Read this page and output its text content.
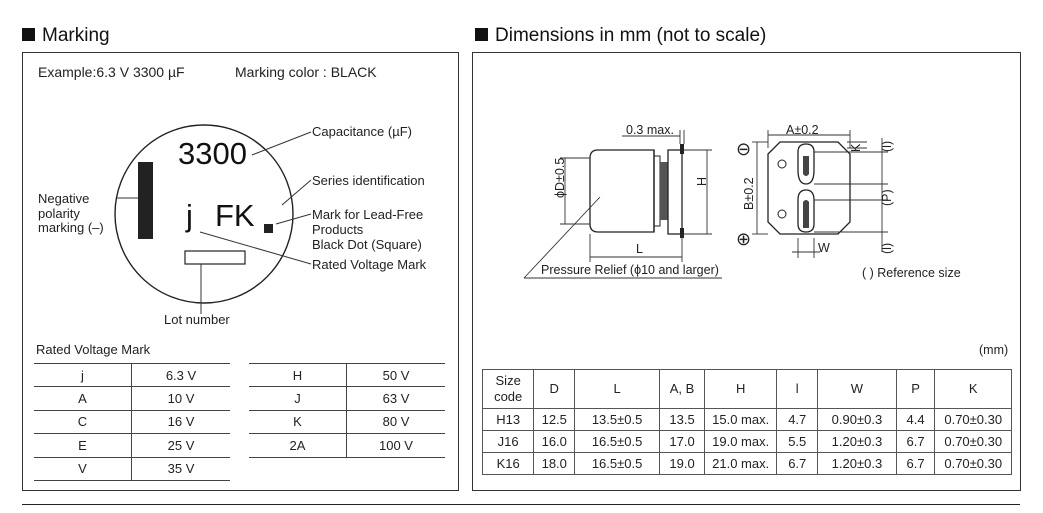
Marking
Example:6.3 V 3300 µF	Marking color : BLACK
3300
j FK
Capacitance (µF)
Series identification
Mark for Lead-Free
Products
Black Dot (Square)
Rated Voltage Mark
Negative
polarity
marking (–)
Lot number
Rated Voltage Mark
j	6.3 V
A	10 V
C	16 V
E	25 V
V	35 V
H	50 V
J	63 V
K	80 V
2A	100 V
Dimensions in mm (not to scale)
0.3 max.
ϕD±0.5	H
L
Pressure Relief (ϕ10 and larger)
A±0.2
B±0.2
K (l)
(P)
(l)
W
⊖
⊕
( ) Reference size
(mm)
Size
code	D	L	A, B	H	l	W	P	K
H13	12.5	13.5±0.5	13.5	15.0 max.	4.7	0.90±0.3	4.4	0.70±0.30
J16	16.0	16.5±0.5	17.0	19.0 max.	5.5	1.20±0.3	6.7	0.70±0.30
K16	18.0	16.5±0.5	19.0	21.0 max.	6.7	1.20±0.3	6.7	0.70±0.30
